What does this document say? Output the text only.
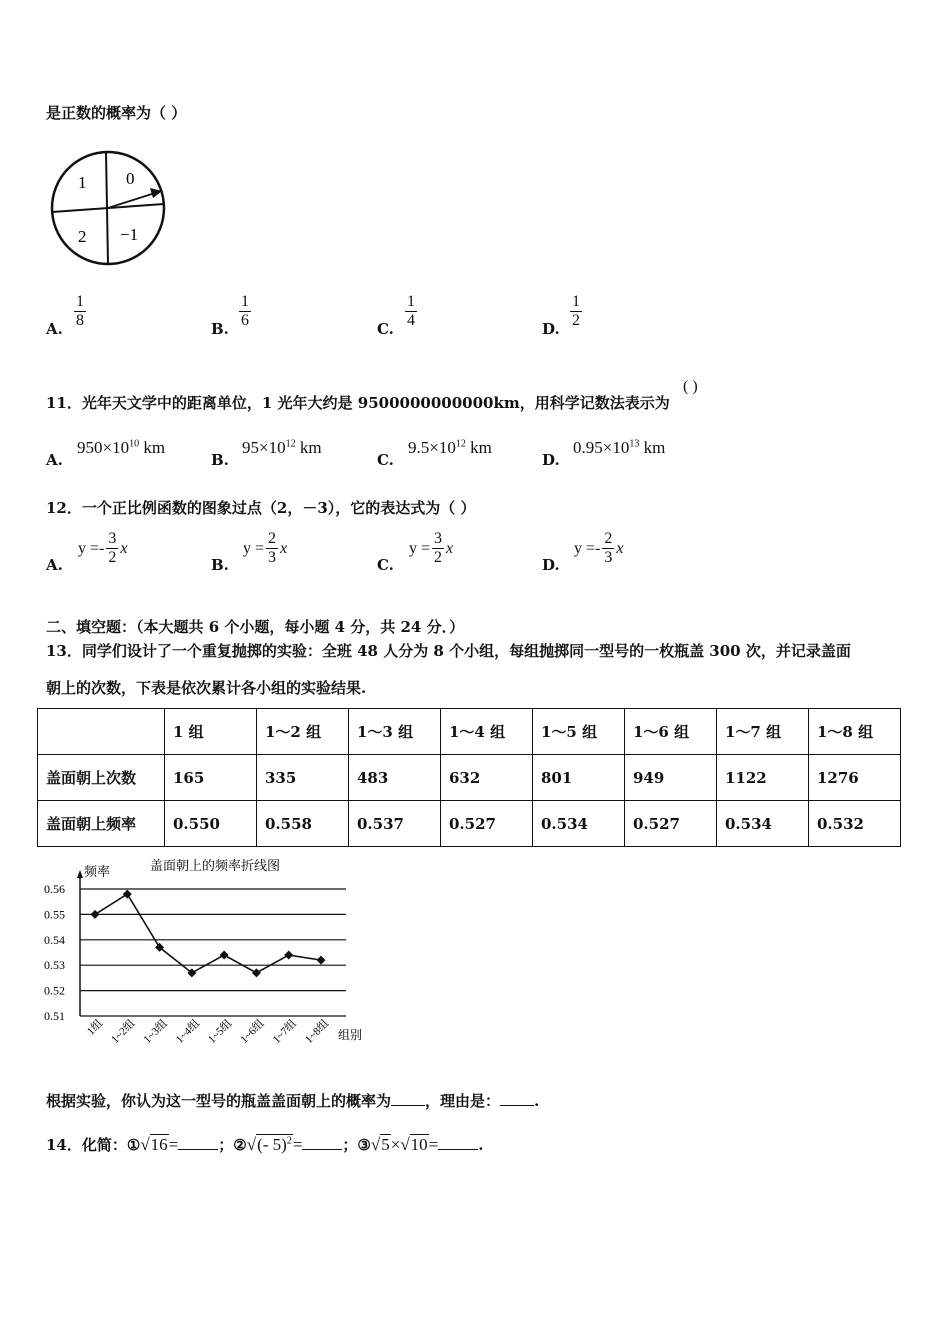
是正数的概率为（ ）
1 0
2 −1
A.
1
8	B.
1
6	C.
1
4	D.
1
2
11．光年天文学中的距离单位，1 光年大约是 9500000000000km，用科学记数法表示为
( )
A.
$950\times 10^{10}$ km
B.
$95\times 10^{12}$ km
C.
$9.5\times 10^{12}$ km
D.
$0.95\times 10^{13}$ km
12．一个正比例函数的图象过点（2，－3），它的表达式为（ ）
A.
y =-
3
2
x
B.
y =
2
3
x
C.
y =
3
2
x
D.
y =-
2
3
x
二、填空题：（本大题共 6 个小题，每小题 4 分，共 24 分．）
13．同学们设计了一个重复抛掷的实验：全班 48 人分为 8 个小组，每组抛掷同一型号的一枚瓶盖 300 次，并记录盖面
朝上的次数，下表是依次累计各小组的实验结果.
	1 组	1～2 组	1～3 组	1～4 组	1～5 组	1～6 组	1～7 组	1～8 组
盖面朝上次数	165	335	483	632	801	949	1122	1276
盖面朝上频率	0.550	0.558	0.537	0.527	0.534	0.527	0.534	0.532
盖面朝上的频率折线图
频率
组别
0.56
0.55
0.54
0.53
0.52
0.51
1组 1~2组 1~3组 1~4组 1~5组 1~6组 1~7组 1~8组
根据实验，你认为这一型号的瓶盖盖面朝上的概率为 ，理由是： .
14．化简： ① √16 =	； ② √(- 5)$^2$ =	； ③ √5 × √10 =	.
